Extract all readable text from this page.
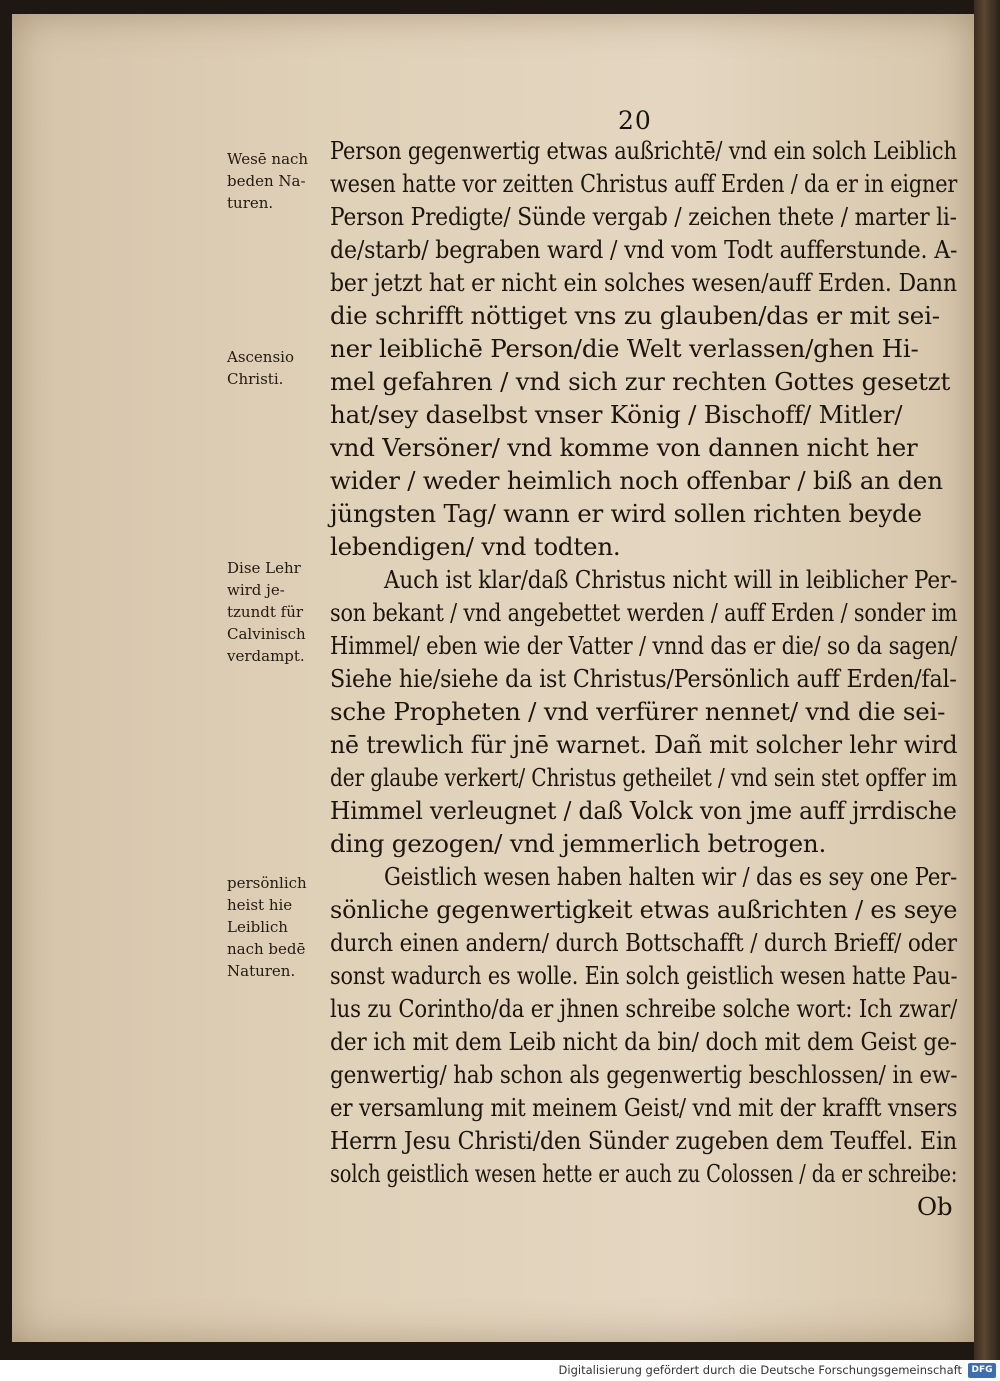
20
Wesē nach
beden Na-
turen.
Ascensio
Christi.
Dise Lehr
wird je-
tzundt für
Calvinisch
verdampt.
persönlich
heist hie
Leiblich
nach bedē
Naturen.
Person gegenwertig etwas außrichtē/ vnd ein solch Leiblich
wesen hatte vor zeitten Christus auff Erden / da er in eigner
Person Predigte/ Sünde vergab / zeichen thete / marter li-
de/starb/ begraben ward / vnd vom Todt aufferstunde. A-
ber jetzt hat er nicht ein solches wesen/auff Erden. Dann
die schrifft nöttiget vns zu glauben/das er mit sei-
ner leiblichē Person/die Welt verlassen/ghen Hi-
mel gefahren / vnd sich zur rechten Gottes gesetzt
hat/sey daselbst vnser König / Bischoff/ Mitler/
vnd Versöner/ vnd komme von dannen nicht her
wider / weder heimlich noch offenbar / biß an den
jüngsten Tag/ wann er wird sollen richten beyde
lebendigen/ vnd todten.
Auch ist klar/daß Christus nicht will in leiblicher Per-
son bekant / vnd angebettet werden / auff Erden / sonder im
Himmel/ eben wie der Vatter / vnnd das er die/ so da sagen/
Siehe hie/siehe da ist Christus/Persönlich auff Erden/fal-
sche Propheten / vnd verfürer nennet/ vnd die sei-
nē trewlich für jnē warnet. Dañ mit solcher lehr wird
der glaube verkert/ Christus getheilet / vnd sein stet opffer im
Himmel verleugnet / daß Volck von jme auff jrrdische
ding gezogen/ vnd jemmerlich betrogen.
Geistlich wesen haben halten wir / das es sey one Per-
sönliche gegenwertigkeit etwas außrichten / es seye
durch einen andern/ durch Bottschafft / durch Brieff/ oder
sonst wadurch es wolle. Ein solch geistlich wesen hatte Pau-
lus zu Corintho/da er jhnen schreibe solche wort: Ich zwar/
der ich mit dem Leib nicht da bin/ doch mit dem Geist ge-
genwertig/ hab schon als gegenwertig beschlossen/ in ew-
er versamlung mit meinem Geist/ vnd mit der krafft vnsers
Herrn Jesu Christi/den Sünder zugeben dem Teuffel. Ein
solch geistlich wesen hette er auch zu Colossen / da er schreibe:
Ob
Digitalisierung gefördert durch die Deutsche Forschungsgemeinschaft	DFG
